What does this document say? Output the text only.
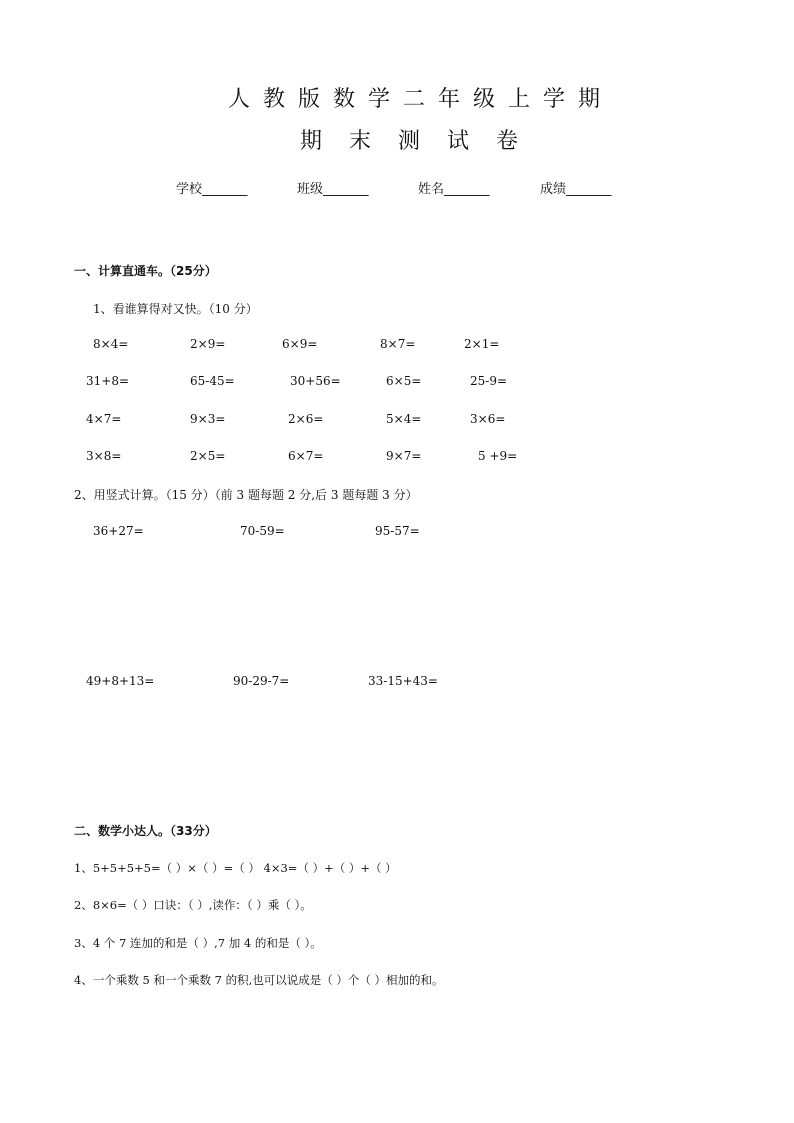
人教版数学二年级上学期
期末测试卷
学校_______	班级_______	姓名_______	成绩_______
一、计算直通车。（25分）
1、看谁算得对又快。（10 分）
8×4=	2×9=	6×9=	8×7=	2×1=
31+8=	65-45=	30+56=	6×5=	25-9=
4×7=	9×3=	2×6=	5×4=	3×6=
3×8=	2×5=	6×7=	9×7=	5 +9=
2、用竖式计算。（15 分）（前 3 题每题 2 分,后 3 题每题 3 分）
36+27=	70-59=	95-57=
49+8+13=	90-29-7=	33-15+43=
二、数学小达人。（33分）
1、5+5+5+5=（ ）×（ ）=（ ） 4×3=（ ）+（ ）+（ ）
2、8×6=（ ）口诀：（ ）,读作：（ ）乘（ ）。
3、4 个 7 连加的和是（ ）,7 加 4 的和是（ ）。
4、一个乘数 5 和一个乘数 7 的积,也可以说成是（ ）个（ ）相加的和。
